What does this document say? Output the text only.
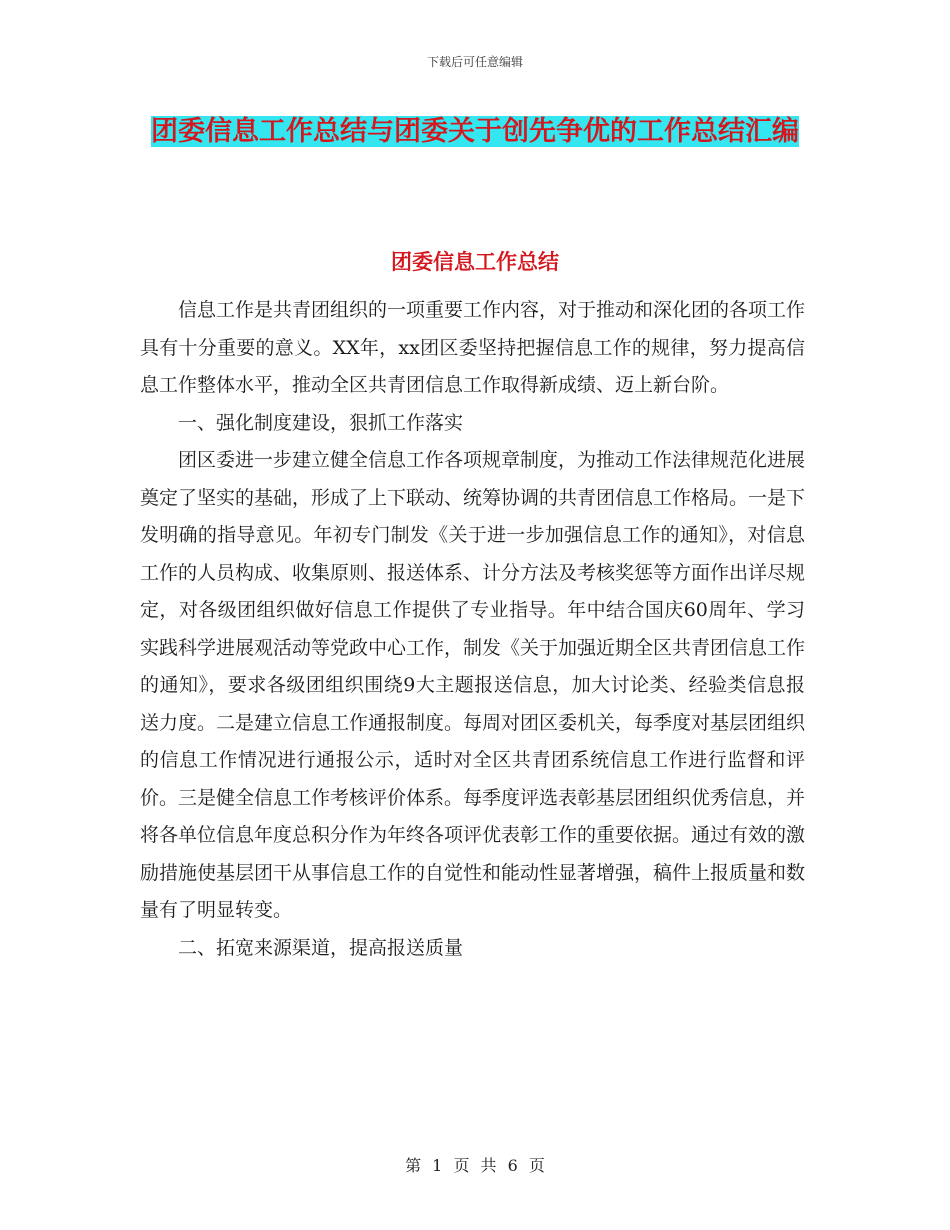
下载后可任意编辑
团委信息工作总结与团委关于创先争优的工作总结汇编
团委信息工作总结

信息工作是共青团组织的一项重要工作内容，对于推动和深化团的各项工作具有十分重要的意义。XX年，xx团区委坚持把握信息工作的规律，努力提高信息工作整体水平，推动全区共青团信息工作取得新成绩、迈上新台阶。

一、强化制度建设，狠抓工作落实

团区委进一步建立健全信息工作各项规章制度，为推动工作法律规范化进展奠定了坚实的基础，形成了上下联动、统筹协调的共青团信息工作格局。一是下发明确的指导意见。年初专门制发《关于进一步加强信息工作的通知》，对信息工作的人员构成、收集原则、报送体系、计分方法及考核奖惩等方面作出详尽规定，对各级团组织做好信息工作提供了专业指导。年中结合国庆60周年、学习实践科学进展观活动等党政中心工作，制发《关于加强近期全区共青团信息工作的通知》，要求各级团组织围绕9大主题报送信息，加大讨论类、经验类信息报送力度。二是建立信息工作通报制度。每周对团区委机关，每季度对基层团组织的信息工作情况进行通报公示，适时对全区共青团系统信息工作进行监督和评价。三是健全信息工作考核评价体系。每季度评选表彰基层团组织优秀信息，并将各单位信息年度总积分作为年终各项评优表彰工作的重要依据。通过有效的激励措施使基层团干从事信息工作的自觉性和能动性显著增强，稿件上报质量和数量有了明显转变。

二、拓宽来源渠道，提高报送质量

第 1 页 共 6 页
